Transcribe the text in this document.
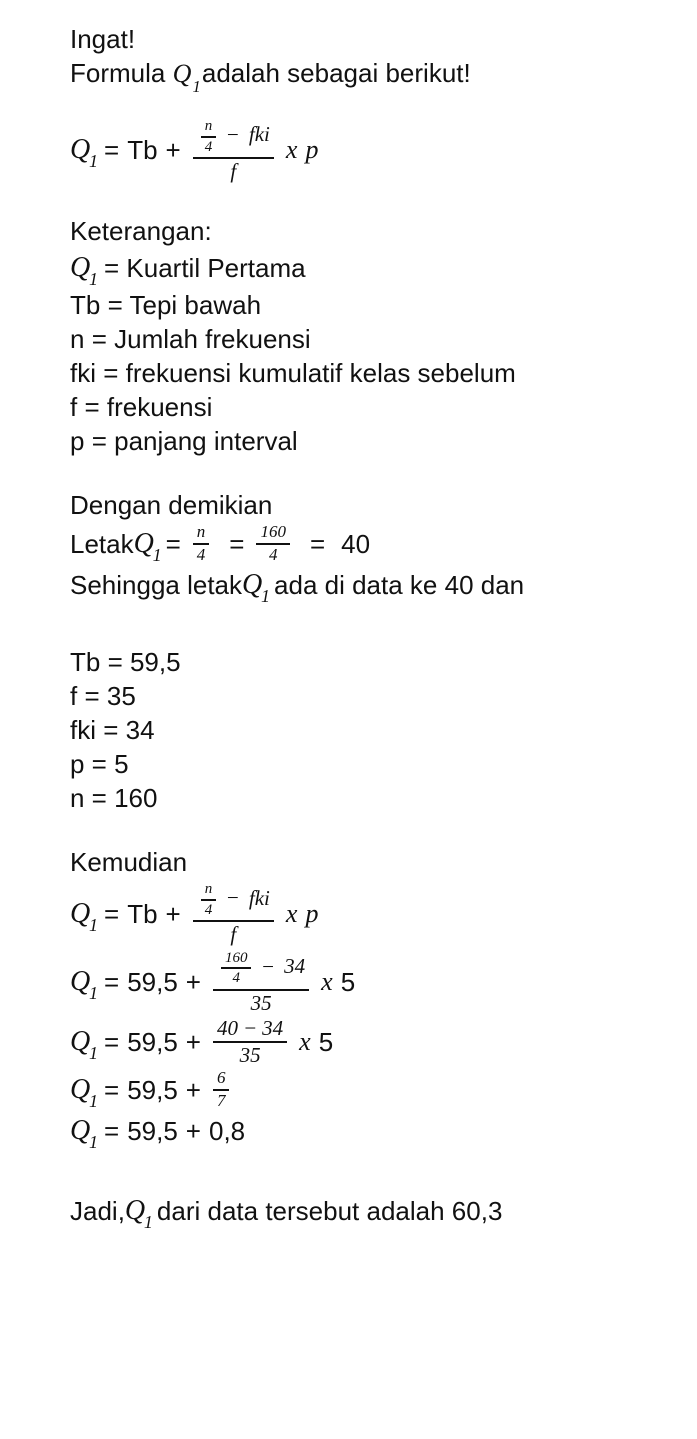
Ingat!
Formula $Q_1adalah$ sebagai berikut!
Q
$1 = Tb + \frac{\frac{n}{4} - fki}{f}$ x p
Keterangan:
Q
1 = Kuartil Pertama
Tb = Tepi bawah
n = Jumlah frekuensi
fki = frekuensi kumulatif kelas sebelum
f = frekuensi
p = panjang interval
Dengan demikian
Letak Q
$1 = \frac{n}{4} = \frac{160}{4} = 40$
Sehingga letak Q
1 ada di data ke 40 dan
Tb = 59,5
f = 35
fki = 34
p = 5
n = 160
Kemudian
Q
$1 = Tb + \frac{\frac{n}{4} - fki}{f}$ x p
Q
$1 = 59,5 + \frac{\frac{160}{4} - 34}{35}$ x 5
Q
$1 = 59,5 + \frac{40 - 34}{35}$ x 5
Q
$1 = 59,5 + \frac{6}{7}$
Q
1 = 59,5 + 0,8
Jadi, Q
1 dari data tersebut adalah 60,3
